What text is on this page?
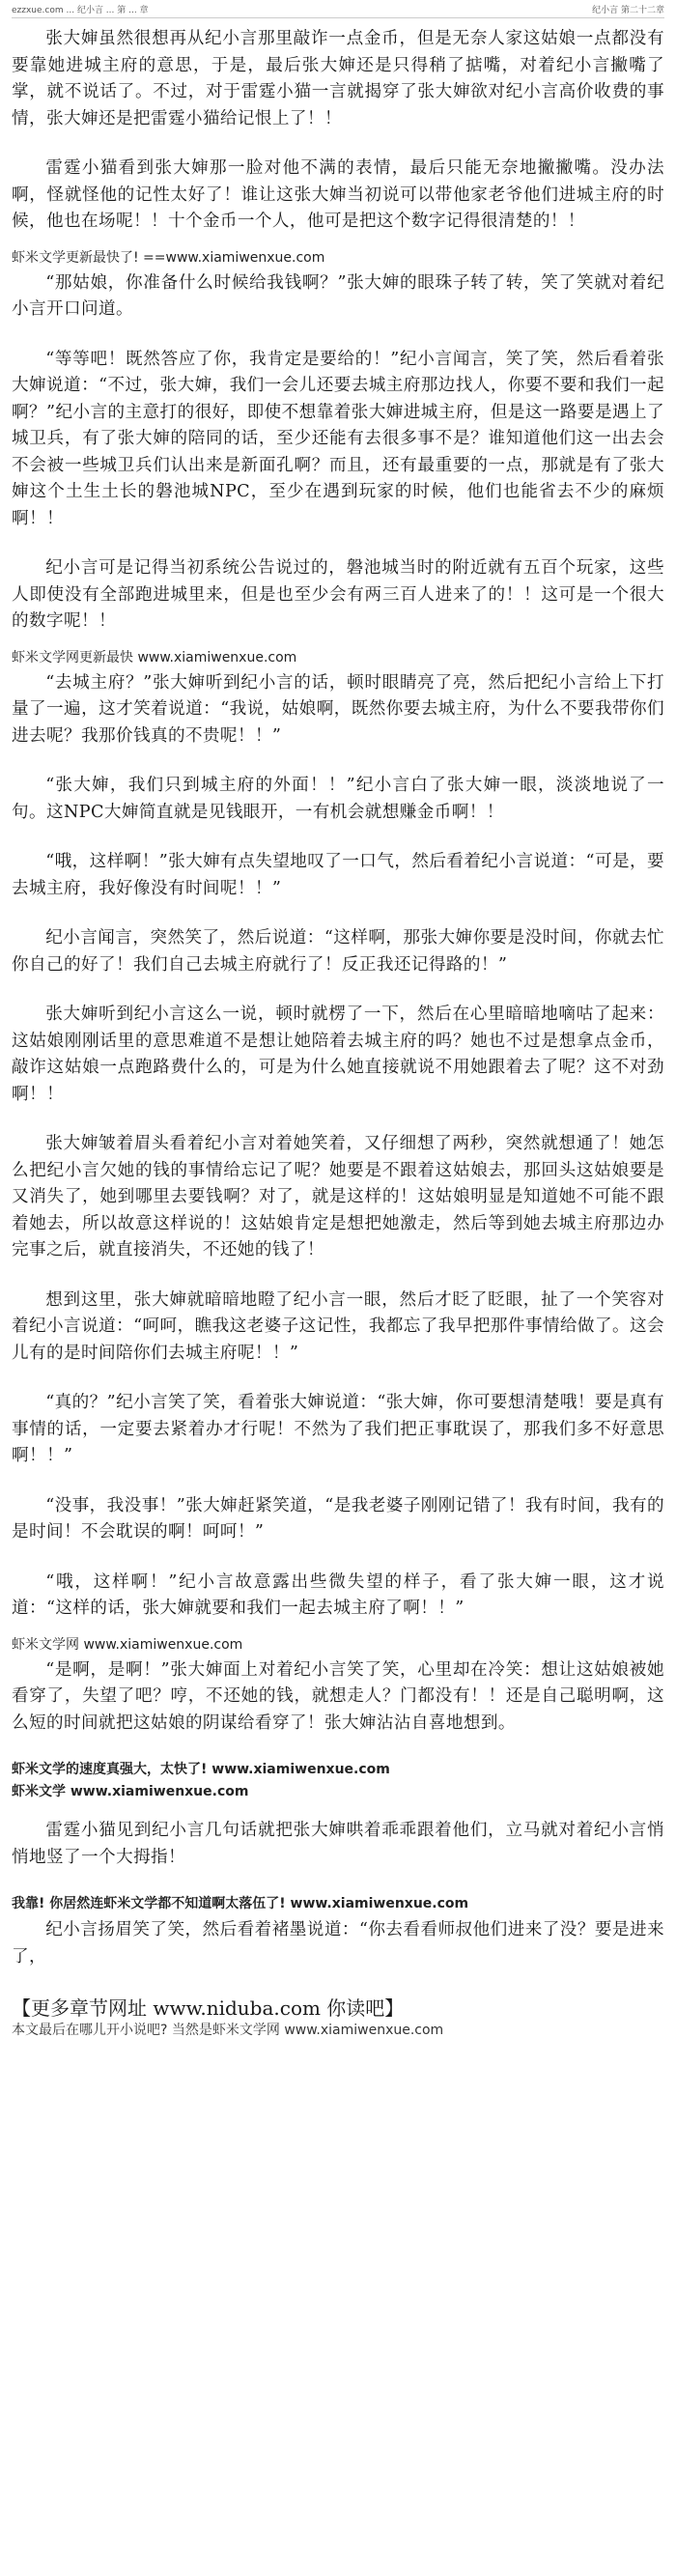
ezzxue.com ... 纪小言 ... 第 ... 章	纪小言 第二十二章

张大婶虽然很想再从纪小言那里敲诈一点金币，但是无奈人家这姑娘一点都没有要靠她进城主府的意思，于是，最后张大婶还是只得稍了掂嘴，对着纪小言撇嘴了掌，就不说话了。不过，对于雷霆小猫一言就揭穿了张大婶欲对纪小言高价收费的事情，张大婶还是把雷霆小猫给记恨上了！！

雷霆小猫看到张大婶那一脸对他不满的表情，最后只能无奈地撇撇嘴。没办法啊，怪就怪他的记性太好了！谁让这张大婶当初说可以带他家老爷他们进城主府的时候，他也在场呢！！十个金币一个人，他可是把这个数字记得很清楚的！！

虾米文学更新最快了! ==www.xiamiwenxue.com

“那姑娘，你准备什么时候给我钱啊？”张大婶的眼珠子转了转，笑了笑就对着纪小言开口问道。

“等等吧！既然答应了你，我肯定是要给的！”纪小言闻言，笑了笑，然后看着张大婶说道：“不过，张大婶，我们一会儿还要去城主府那边找人，你要不要和我们一起啊？”纪小言的主意打的很好，即使不想靠着张大婶进城主府，但是这一路要是遇上了城卫兵，有了张大婶的陪同的话，至少还能有去很多事不是？谁知道他们这一出去会不会被一些城卫兵们认出来是新面孔啊？而且，还有最重要的一点，那就是有了张大婶这个土生土长的磐池城NPC，至少在遇到玩家的时候，他们也能省去不少的麻烦啊！！

纪小言可是记得当初系统公告说过的，磐池城当时的附近就有五百个玩家，这些人即使没有全部跑进城里来，但是也至少会有两三百人进来了的！！这可是一个很大的数字呢！！

虾米文学网更新最快 www.xiamiwenxue.com

“去城主府？”张大婶听到纪小言的话，顿时眼睛亮了亮，然后把纪小言给上下打量了一遍，这才笑着说道：“我说，姑娘啊，既然你要去城主府，为什么不要我带你们进去呢？我那价钱真的不贵呢！！”

“张大婶，我们只到城主府的外面！！”纪小言白了张大婶一眼，淡淡地说了一句。这NPC大婶简直就是见钱眼开，一有机会就想赚金币啊！！

“哦，这样啊！”张大婶有点失望地叹了一口气，然后看着纪小言说道：“可是，要去城主府，我好像没有时间呢！！”

纪小言闻言，突然笑了，然后说道：“这样啊，那张大婶你要是没时间，你就去忙你自己的好了！我们自己去城主府就行了！反正我还记得路的！”

张大婶听到纪小言这么一说，顿时就楞了一下，然后在心里暗暗地嘀咕了起来：这姑娘刚刚话里的意思难道不是想让她陪着去城主府的吗？她也不过是想拿点金币，敲诈这姑娘一点跑路费什么的，可是为什么她直接就说不用她跟着去了呢？这不对劲啊！！

张大婶皱着眉头看着纪小言对着她笑着，又仔细想了两秒，突然就想通了！她怎么把纪小言欠她的钱的事情给忘记了呢？她要是不跟着这姑娘去，那回头这姑娘要是又消失了，她到哪里去要钱啊？对了，就是这样的！这姑娘明显是知道她不可能不跟着她去，所以故意这样说的！这姑娘肯定是想把她激走，然后等到她去城主府那边办完事之后，就直接消失，不还她的钱了！

想到这里，张大婶就暗暗地瞪了纪小言一眼，然后才眨了眨眼，扯了一个笑容对着纪小言说道：“呵呵，瞧我这老婆子这记性，我都忘了我早把那件事情给做了。这会儿有的是时间陪你们去城主府呢！！”

“真的？”纪小言笑了笑，看着张大婶说道：“张大婶，你可要想清楚哦！要是真有事情的话，一定要去紧着办才行呢！不然为了我们把正事耽误了，那我们多不好意思啊！！”

“没事，我没事！”张大婶赶紧笑道，“是我老婆子刚刚记错了！我有时间，我有的是时间！不会耽误的啊！呵呵！”

“哦，这样啊！”纪小言故意露出些微失望的样子，看了张大婶一眼，这才说道：“这样的话，张大婶就要和我们一起去城主府了啊！！”

虾米文学网 www.xiamiwenxue.com

“是啊，是啊！”张大婶面上对着纪小言笑了笑，心里却在冷笑：想让这姑娘被她看穿了，失望了吧？哼，不还她的钱，就想走人？门都没有！！还是自己聪明啊，这么短的时间就把这姑娘的阴谋给看穿了！张大婶沾沾自喜地想到。

虾米文学的速度真强大，太快了! www.xiamiwenxue.com
虾米文学 www.xiamiwenxue.com

雷霆小猫见到纪小言几句话就把张大婶哄着乖乖跟着他们，立马就对着纪小言悄悄地竖了一个大拇指！

我靠! 你居然连虾米文学都不知道啊太落伍了! www.xiamiwenxue.com

纪小言扬眉笑了笑，然后看着褚墨说道：“你去看看师叔他们进来了没？要是进来了，

【更多章节网址 www.niduba.com 你读吧】
本文最后在哪儿开小说吧? 当然是虾米文学网 www.xiamiwenxue.com
